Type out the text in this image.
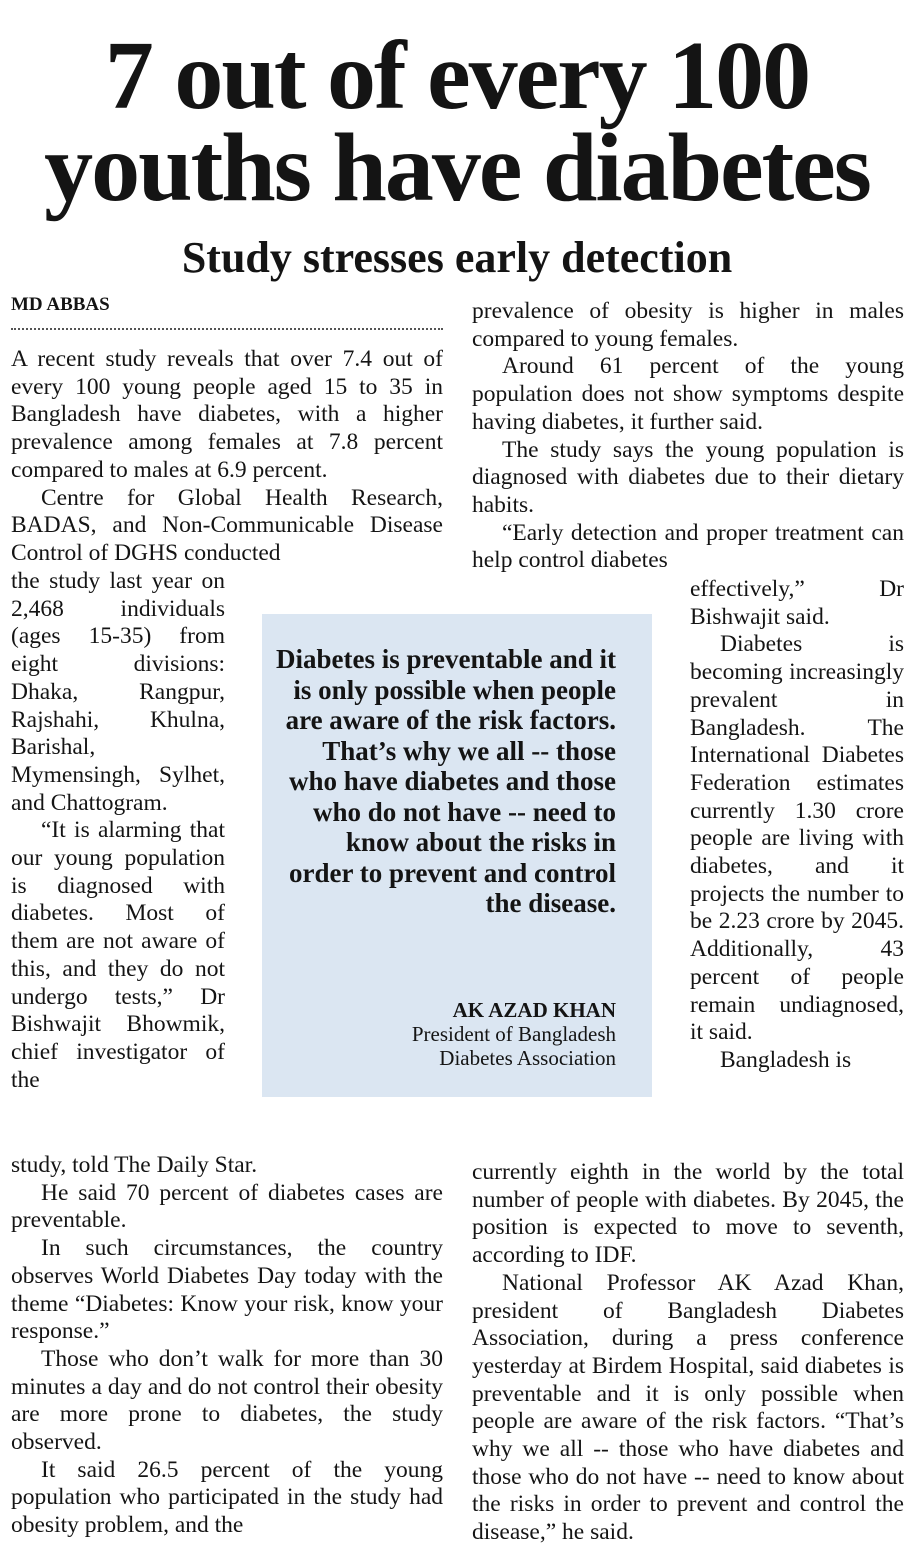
7 out of every 100
youths have diabetes
Study stresses early detection

MD ABBAS

A recent study reveals that over 7.4 out of every 100 young people aged 15 to 35 in Bangladesh have diabetes, with a higher prevalence among females at 7.8 percent compared to males at 6.9 percent.

Centre for Global Health Research, BADAS, and Non-Communicable Disease Control of DGHS conducted

the study last year on 2,468 individuals (ages 15-35) from eight divisions: Dhaka, Rangpur, Rajshahi, Khulna, Barishal, Mymensingh, Sylhet, and Chattogram.

“It is alarming that our young population is diagnosed with diabetes. Most of them are not aware of this, and they do not undergo tests,” Dr Bishwajit Bhowmik, chief investigator of the

study, told The Daily Star.

He said 70 percent of diabetes cases are preventable.

In such circumstances, the country observes World Diabetes Day today with the theme “Diabetes: Know your risk, know your response.”

Those who don’t walk for more than 30 minutes a day and do not control their obesity are more prone to diabetes, the study observed.

It said 26.5 percent of the young population who participated in the study had obesity problem, and the

prevalence of obesity is higher in males compared to young females.

Around 61 percent of the young population does not show symptoms despite having diabetes, it further said.

The study says the young population is diagnosed with diabetes due to their dietary habits.

“Early detection and proper treatment can help control diabetes

effectively,” Dr Bishwajit said.

Diabetes is becoming increasingly prevalent in Bangladesh. The International Diabetes Federation estimates currently 1.30 crore people are living with diabetes, and it projects the number to be 2.23 crore by 2045. Additionally, 43 percent of people remain undiagnosed, it said.

Bangladesh is

currently eighth in the world by the total number of people with diabetes. By 2045, the position is expected to move to seventh, according to IDF.

National Professor AK Azad Khan, president of Bangladesh Diabetes Association, during a press conference yesterday at Birdem Hospital, said diabetes is preventable and it is only possible when people are aware of the risk factors. “That’s why we all -- those who have diabetes and those who do not have -- need to know about the risks in order to prevent and control the disease,” he said.

Diabetes is preventable and it is only possible when people are aware of the risk factors. That’s why we all -- those who have diabetes and those who do not have -- need to know about the risks in order to prevent and control the disease.

AK AZAD KHAN
President of Bangladesh Diabetes Association
